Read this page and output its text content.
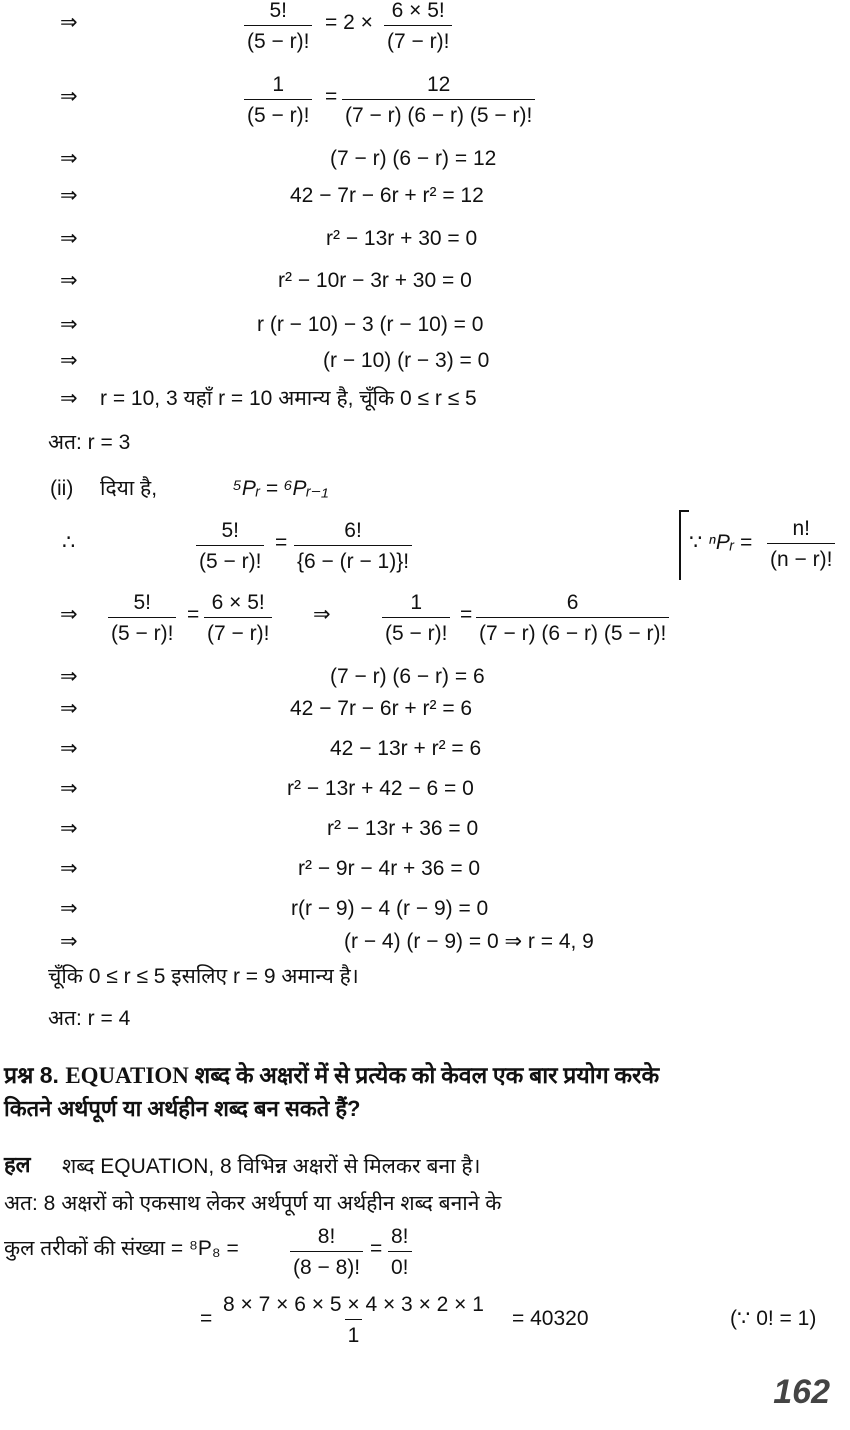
⇒	$\frac{5!}{(5 - r)!} = 2 \times \frac{6 \times 5!}{(7 - r)!}$
⇒	$\frac{1}{(5 - r)!} = \frac{12}{(7 - r) (6 - r) (5 - r)!}$
⇒	(7 − r) (6 − r) = 12
⇒	42 − 7r − 6r + r² = 12
⇒	r² − 13r + 30 = 0
⇒	r² − 10r − 3r + 30 = 0
⇒	r (r − 10) − 3 (r − 10) = 0
⇒	(r − 10) (r − 3) = 0
⇒ r = 10, 3 यहाँ r = 10 अमान्य है, चूँकि 0 ≤ r ≤ 5
अत: r = 3
(ii) दिया है,	⁵Pᵣ = ⁶Pᵣ₋₁
∴	$\frac{5!}{(5 - r)!} = \frac{6!}{\{6 - (r - 1)\}!}$	∵ ⁿPᵣ = $\frac{n!}{(n - r)!}$
⇒ $\frac{5!}{(5 - r)!} = \frac{6 \times 5!}{(7 - r)!}$ ⇒ $\frac{1}{(5 - r)!} = \frac{6}{(7 - r) (6 - r) (5 - r)!}$
⇒	(7 − r) (6 − r) = 6
⇒	42 − 7r − 6r + r² = 6
⇒	42 − 13r + r² = 6
⇒	r² − 13r + 42 − 6 = 0
⇒	r² − 13r + 36 = 0
⇒	r² − 9r − 4r + 36 = 0
⇒	r(r − 9) − 4 (r − 9) = 0
⇒	(r − 4) (r − 9) = 0 ⇒ r = 4, 9
चूँकि 0 ≤ r ≤ 5 इसलिए r = 9 अमान्य है।
अत: r = 4
प्रश्न 8. EQUATION शब्द के अक्षरों में से प्रत्येक को केवल एक बार प्रयोग करके
कितने अर्थपूर्ण या अर्थहीन शब्द बन सकते हैं?
हल शब्द EQUATION, 8 विभिन्न अक्षरों से मिलकर बना है।
अत: 8 अक्षरों को एकसाथ लेकर अर्थपूर्ण या अर्थहीन शब्द बनाने के
कुल तरीकों की संख्या = $^8P_8 = \frac{8!}{(8 - 8)!} = \frac{8!}{0!}$
= $\frac{8 \times 7 \times 6 \times 5 \times 4 \times 3 \times 2 \times 1}{1} = 40320$	(∵ 0! = 1)
162
